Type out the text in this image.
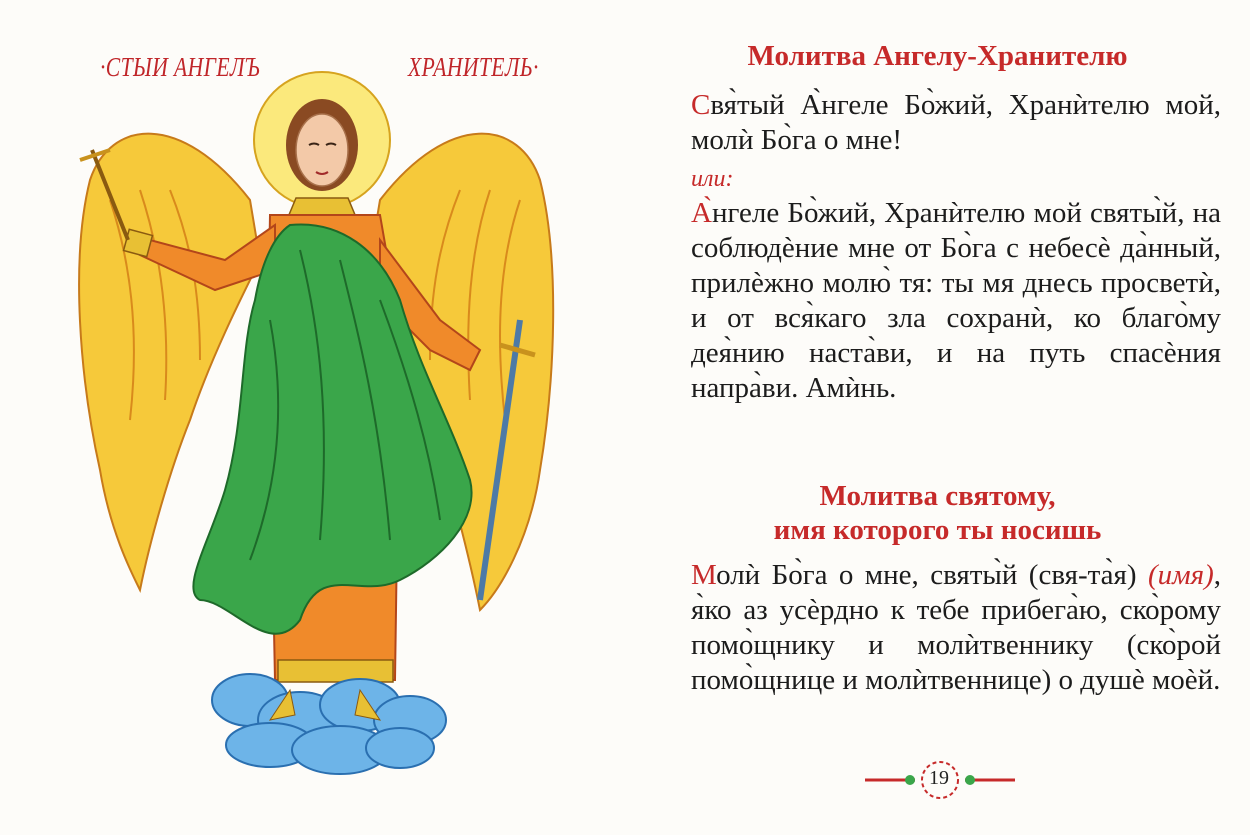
·СТЫИ АНГЕЛЪ	ХРАНИТЕЛЬ·	Молитва Ангелу-Хранителю
Свя̀тый А̀нгеле Бо̀жий, Хранѝтелю мой, молѝ Бо̀га о мне!
или:
А̀нгеле Бо̀жий, Хранѝтелю мой святы̀й, на соблюдѐние мне от Бо̀га с небесѐ да̀нный, прилѐжно молю̀ тя: ты мя днесь просветѝ, и от вся̀каго зла сохранѝ, ко благо̀му дея̀нию наста̀ви, и на путь спасѐния напра̀ви. Амѝнь.
Молитва святому,
имя которого ты носишь
Молѝ Бо̀га о мне, святы̀й (свя-та̀я) (имя), я̀ко аз усѐрдно к тебе прибега̀ю, ско̀рому помо̀щнику и молѝтвеннику (ско̀рой помо̀щнице и молѝтвеннице) о душѐ моѐй.
19
